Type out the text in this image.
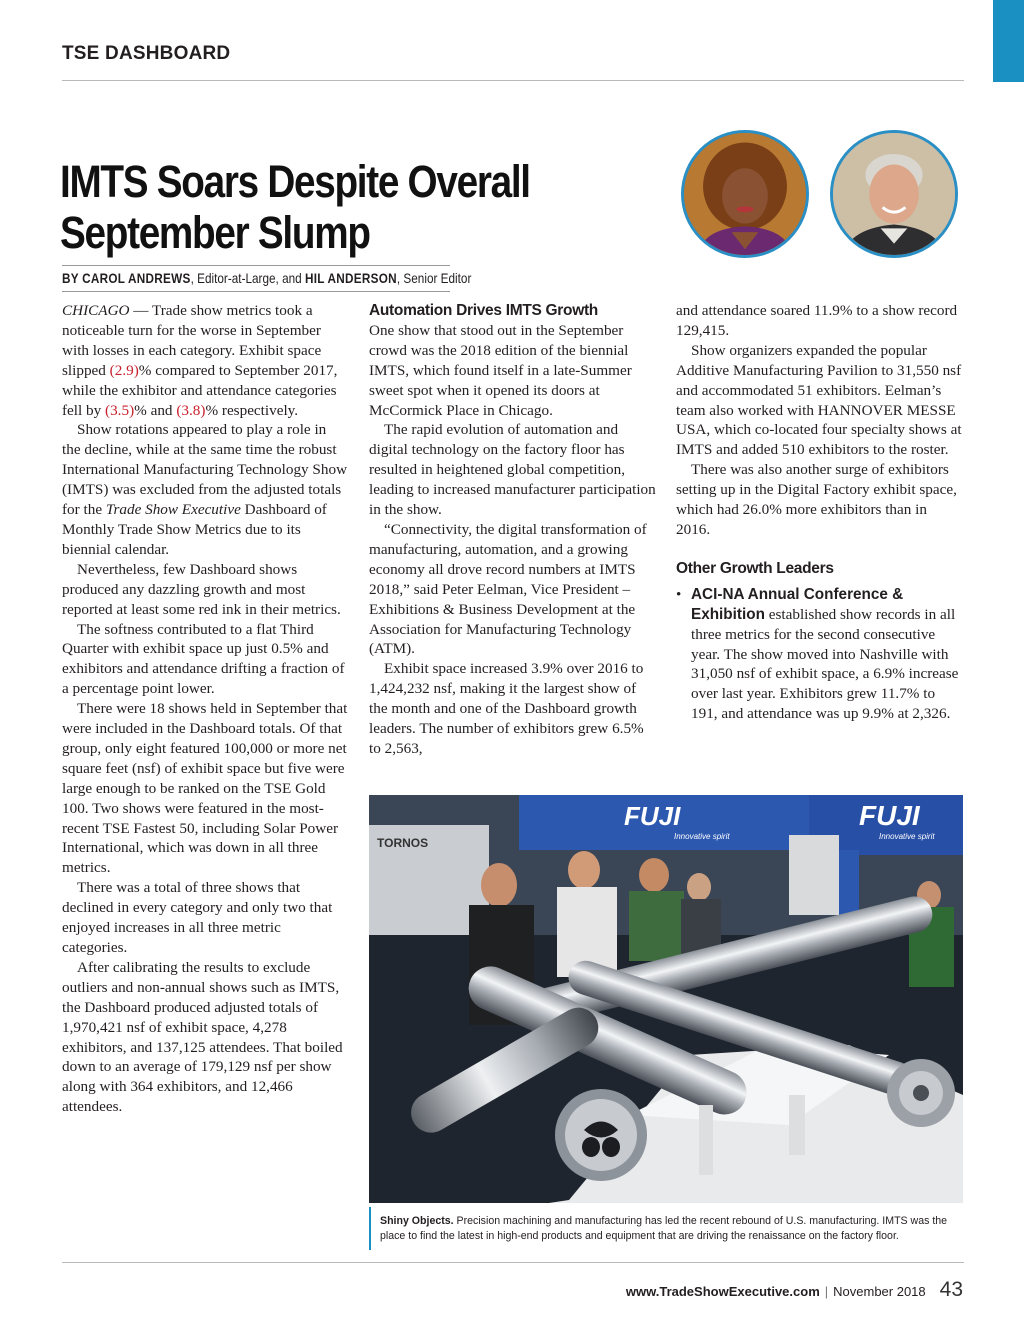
TSE DASHBOARD
IMTS Soars Despite Overall
September Slump
BY CAROL ANDREWS, Editor-at-Large, and HIL ANDERSON, Senior Editor

CHICAGO — Trade show metrics took a noticeable turn for the worse in September with losses in each category. Exhibit space slipped (2.9)% compared to September 2017, while the exhibitor and attendance categories fell by (3.5)% and (3.8)% respectively.

Show rotations appeared to play a role in the decline, while at the same time the robust International Manufacturing Technology Show (IMTS) was excluded from the adjusted totals for the Trade Show Executive Dashboard of Monthly Trade Show Metrics due to its biennial calendar.

Nevertheless, few Dashboard shows produced any dazzling growth and most reported at least some red ink in their metrics.

The softness contributed to a flat Third Quarter with exhibit space up just 0.5% and exhibitors and attendance drifting a fraction of a percentage point lower.

There were 18 shows held in September that were included in the Dashboard totals. Of that group, only eight featured 100,000 or more net square feet (nsf) of exhibit space but five were large enough to be ranked on the TSE Gold 100. Two shows were featured in the most-recent TSE Fastest 50, including Solar Power International, which was down in all three metrics.

There was a total of three shows that declined in every category and only two that enjoyed increases in all three metric categories.

After calibrating the results to exclude outliers and non-annual shows such as IMTS, the Dashboard produced adjusted totals of 1,970,421 nsf of exhibit space, 4,278 exhibitors, and 137,125 attendees. That boiled down to an average of 179,129 nsf per show along with 364 exhibitors, and 12,466 attendees.

Automation Drives IMTS Growth

One show that stood out in the September crowd was the 2018 edition of the biennial IMTS, which found itself in a late-Summer sweet spot when it opened its doors at McCormick Place in Chicago.

The rapid evolution of automation and digital technology on the factory floor has resulted in heightened global competition, leading to increased manufacturer participation in the show.

“Connectivity, the digital transformation of manufacturing, automation, and a growing economy all drove record numbers at IMTS 2018,” said Peter Eelman, Vice President – Exhibitions & Business Development at the Association for Manufacturing Technology (ATM).

Exhibit space increased 3.9% over 2016 to 1,424,232 nsf, making it the largest show of the month and one of the Dashboard growth leaders. The number of exhibitors grew 6.5% to 2,563,

and attendance soared 11.9% to a show record 129,415.

Show organizers expanded the popular Additive Manufacturing Pavilion to 31,550 nsf and accommodated 51 exhibitors. Eelman’s team also worked with HANNOVER MESSE USA, which co-located four specialty shows at IMTS and added 510 exhibitors to the roster.

There was also another surge of exhibitors setting up in the Digital Factory exhibit space, which had 26.0% more exhibitors than in 2016.

Other Growth Leaders
• ACI-NA Annual Conference & Exhibition established show records in all three metrics for the second consecutive year. The show moved into Nashville with 31,050 nsf of exhibit space, a 6.9% increase over last year. Exhibitors grew 11.7% to 191, and attendance was up 9.9% at 2,326.
TORNOS
FUJI
Innovative spirit
FUJI
Innovative spirit
Shiny Objects. Precision machining and manufacturing has led the recent rebound of U.S. manufacturing. IMTS was the place to find the latest in high-end products and equipment that are driving the renaissance on the factory floor.
www.TradeShowExecutive.com | November 2018 43
